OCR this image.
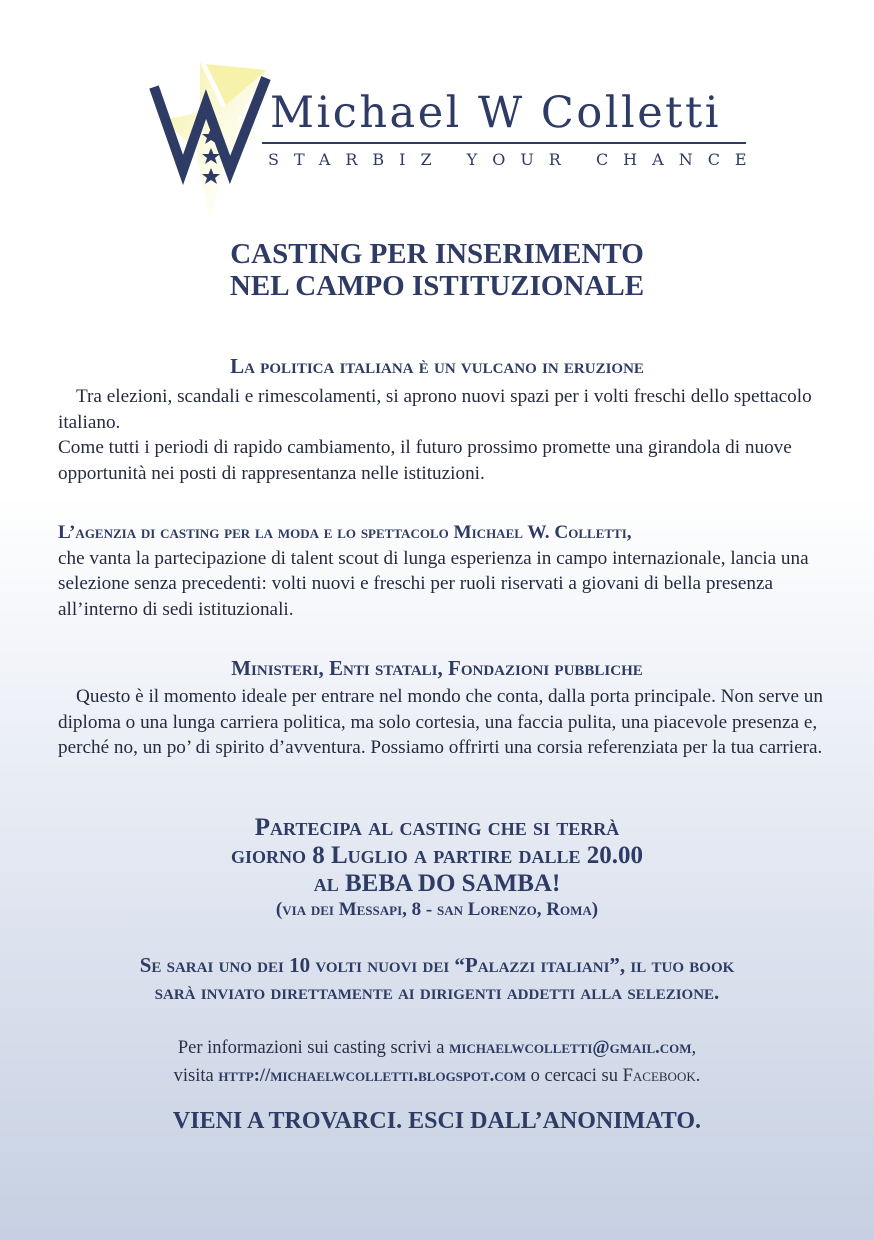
Michael W Colletti
STARBIZ YOUR CHANCE
CASTING PER INSERIMENTO
NEL CAMPO ISTITUZIONALE

La politica italiana è un vulcano in eruzione

Tra elezioni, scandali e rimescolamenti, si aprono nuovi spazi per i volti freschi dello spettacolo italiano.
Come tutti i periodi di rapido cambiamento, il futuro prossimo promette una girandola di nuove opportunità nei posti di rappresentanza nelle istituzioni.

L’agenzia di casting per la moda e lo spettacolo Michael W. Colletti,
che vanta la partecipazione di talent scout di lunga esperienza in campo internazionale, lancia una selezione senza precedenti: volti nuovi e freschi per ruoli riservati a giovani di bella presenza all’interno di sedi istituzionali.

Ministeri, Enti statali, Fondazioni pubbliche

Questo è il momento ideale per entrare nel mondo che conta, dalla porta principale. Non serve un diploma o una lunga carriera politica, ma solo cortesia, una faccia pulita, una piacevole presenza e, perché no, un po’ di spirito d’avventura. Possiamo offrirti una corsia referenziata per la tua carriera.

Partecipa al casting che si terrà
giorno 8 Luglio a partire dalle 20.00
al BEBA DO SAMBA!
(via dei Messapi, 8 - san Lorenzo, Roma)
Se sarai uno dei 10 volti nuovi dei “Palazzi italiani”, il tuo book
sarà inviato direttamente ai dirigenti addetti alla selezione.
Per informazioni sui casting scrivi a michaelwcolletti@gmail.com,
visita http://michaelwcolletti.blogspot.com o cercaci su Facebook.
VIENI A TROVARCI. ESCI DALL’ANONIMATO.
